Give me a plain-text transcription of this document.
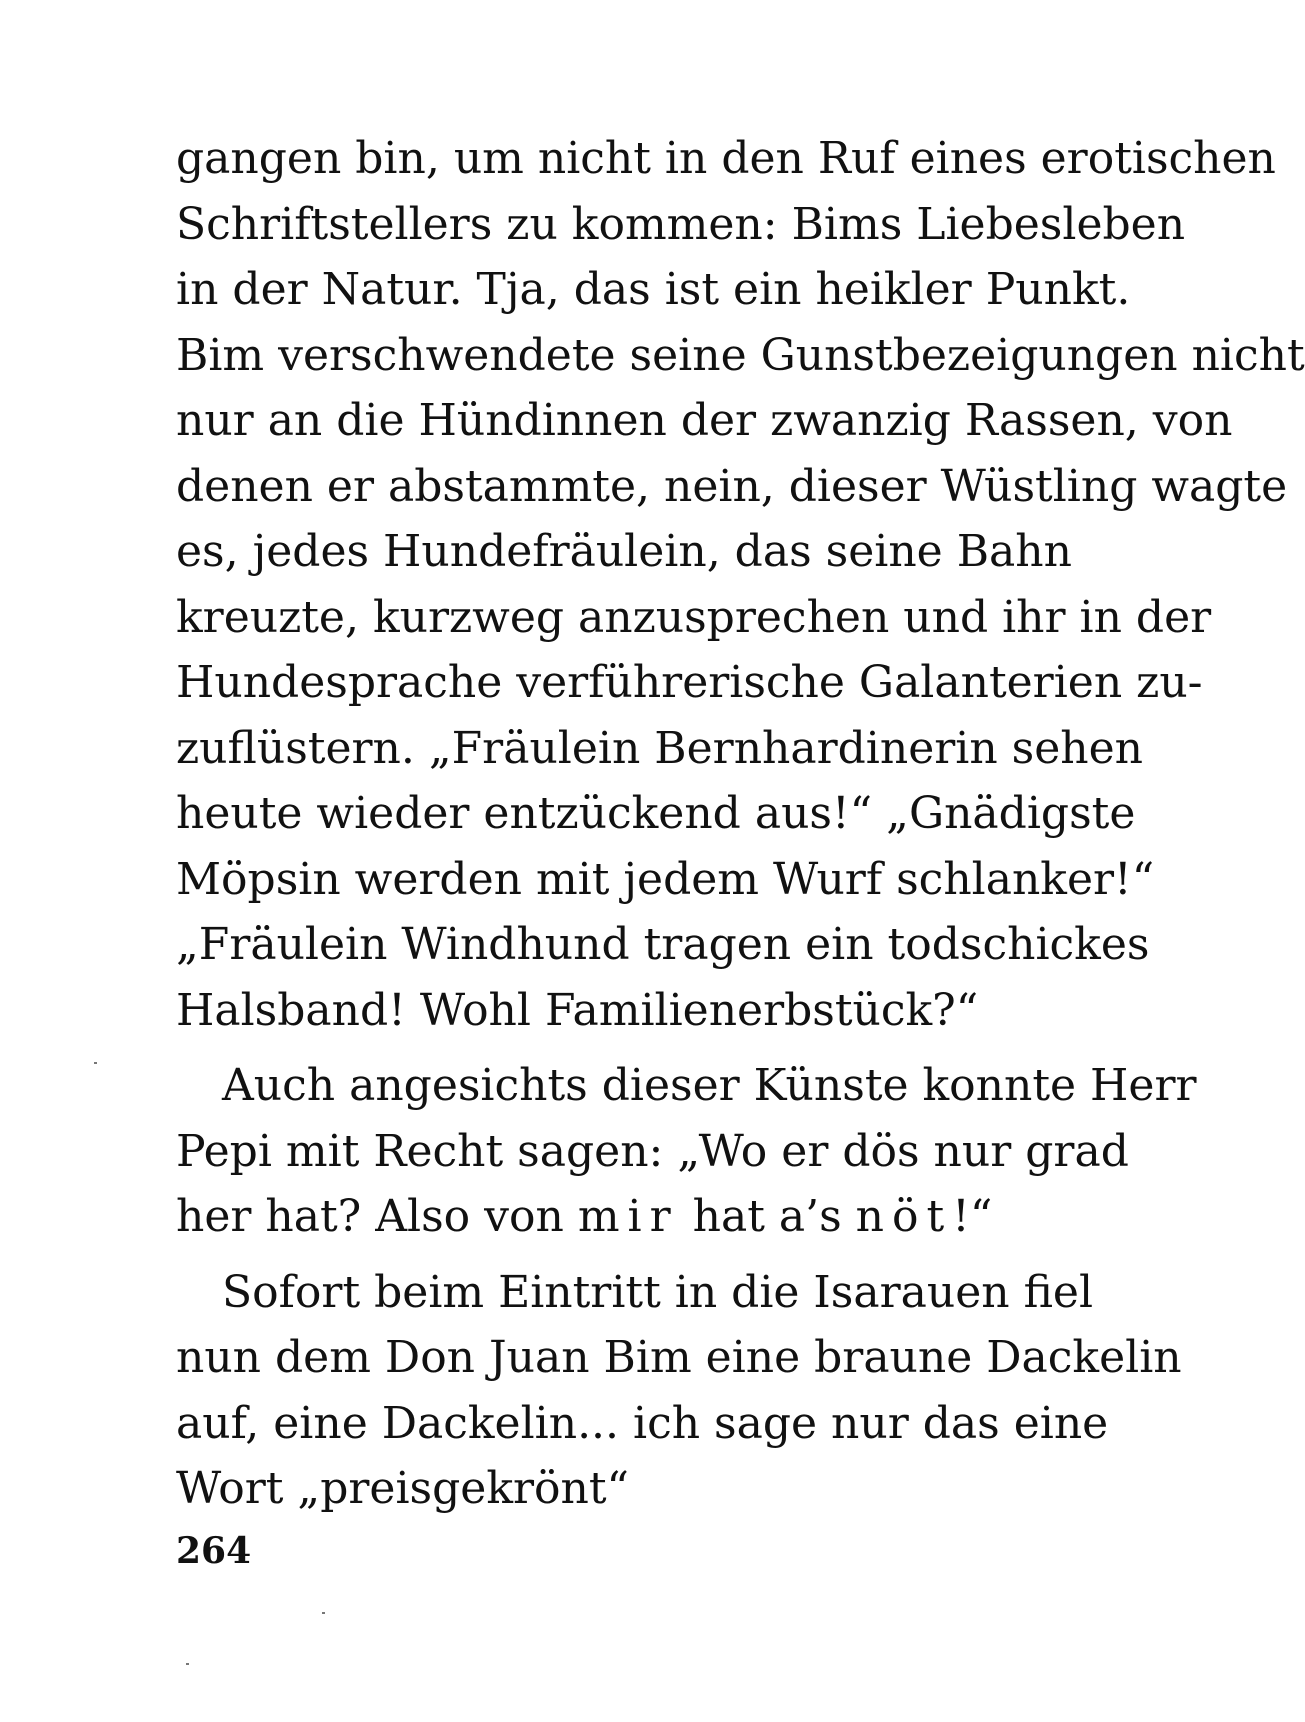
gangen bin, um nicht in den Ruf eines erotischen
Schriftstellers zu kommen: Bims Liebesleben
in der Natur. Tja, das ist ein heikler Punkt.
Bim verschwendete seine Gunstbezeigungen nicht
nur an die Hündinnen der zwanzig Rassen, von
denen er abstammte, nein, dieser Wüstling wagte
es, jedes Hundefräulein, das seine Bahn
kreuzte, kurzweg anzusprechen und ihr in der
Hundesprache verführerische Galanterien zu-
zuflüstern. „Fräulein Bernhardinerin sehen
heute wieder entzückend aus!“ „Gnädigste
Möpsin werden mit jedem Wurf schlanker!“
„Fräulein Windhund tragen ein todschickes
Halsband! Wohl Familienerbstück?“
Auch angesichts dieser Künste konnte Herr
Pepi mit Recht sagen: „Wo er dös nur grad
her hat? Also von mir hat a’s nöt!“
Sofort beim Eintritt in die Isarauen fiel
nun dem Don Juan Bim eine braune Dackelin
auf, eine Dackelin... ich sage nur das eine
Wort „preisgekrönt“
264
